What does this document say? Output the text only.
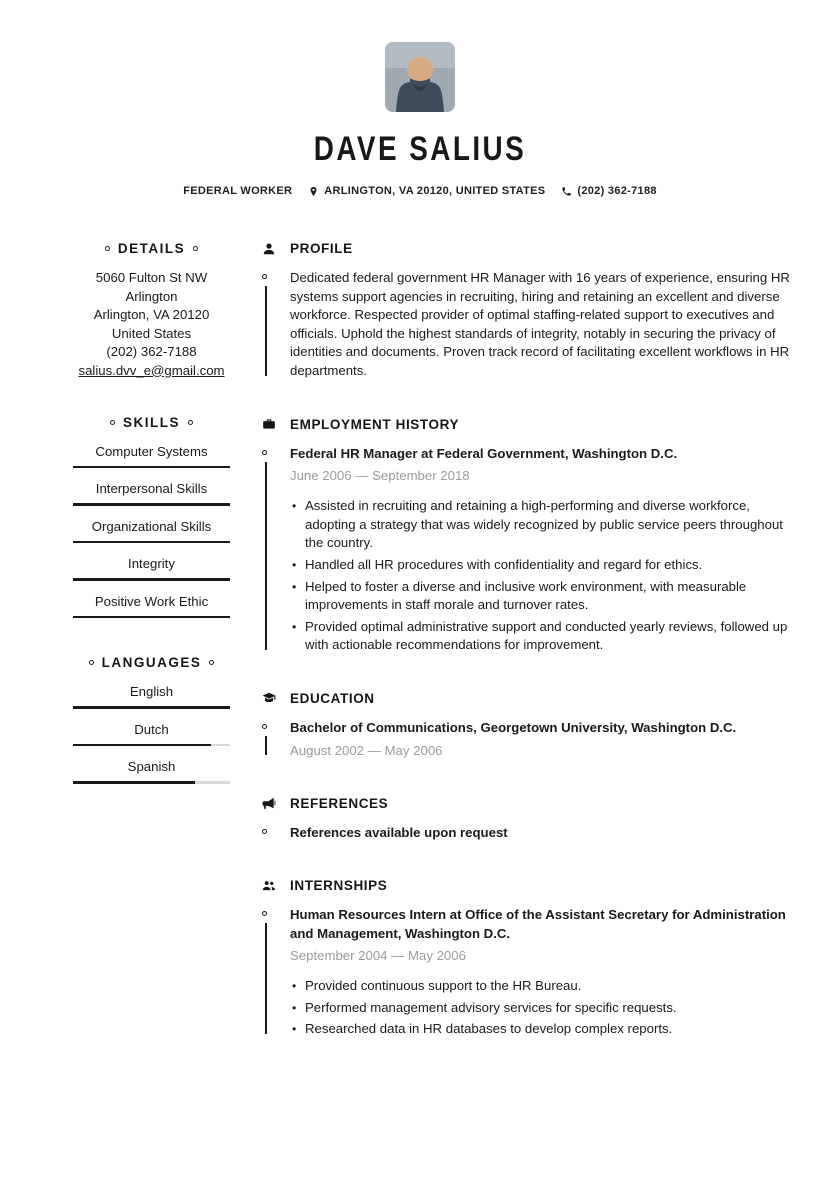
DAVE SALIUS
FEDERAL WORKER	ARLINGTON, VA 20120, UNITED STATES	(202) 362-7188
DETAILS
5060 Fulton St NW Arlington
Arlington, VA 20120
United States
(202) 362-7188
salius.dvv_e@gmail.com
SKILLS
Computer Systems
Interpersonal Skills
Organizational Skills
Integrity
Positive Work Ethic
LANGUAGES
English
Dutch
Spanish
PROFILE

Dedicated federal government HR Manager with 16 years of experience, ensuring HR systems support agencies in recruiting, hiring and retaining an excellent and diverse workforce. Respected provider of optimal staffing-related support to executives and officials. Uphold the highest standards of integrity, notably in securing the privacy of identities and documents. Proven track record of facilitating excellent workflows in HR departments.

EMPLOYMENT HISTORY
Federal HR Manager at Federal Government, Washington D.C.
June 2006 — September 2018
• Assisted in recruiting and retaining a high-performing and diverse workforce, adopting a strategy that was widely recognized by public service peers throughout the country.
• Handled all HR procedures with confidentiality and regard for ethics.
• Helped to foster a diverse and inclusive work environment, with measurable improvements in staff morale and turnover rates.
• Provided optimal administrative support and conducted yearly reviews, followed up with actionable recommendations for improvement.
EDUCATION
Bachelor of Communications, Georgetown University, Washington D.C.
August 2002 — May 2006
REFERENCES
References available upon request
INTERNSHIPS
Human Resources Intern at Office of the Assistant Secretary for Administration and Management, Washington D.C.
September 2004 — May 2006
• Provided continuous support to the HR Bureau.
• Performed management advisory services for specific requests.
• Researched data in HR databases to develop complex reports.
